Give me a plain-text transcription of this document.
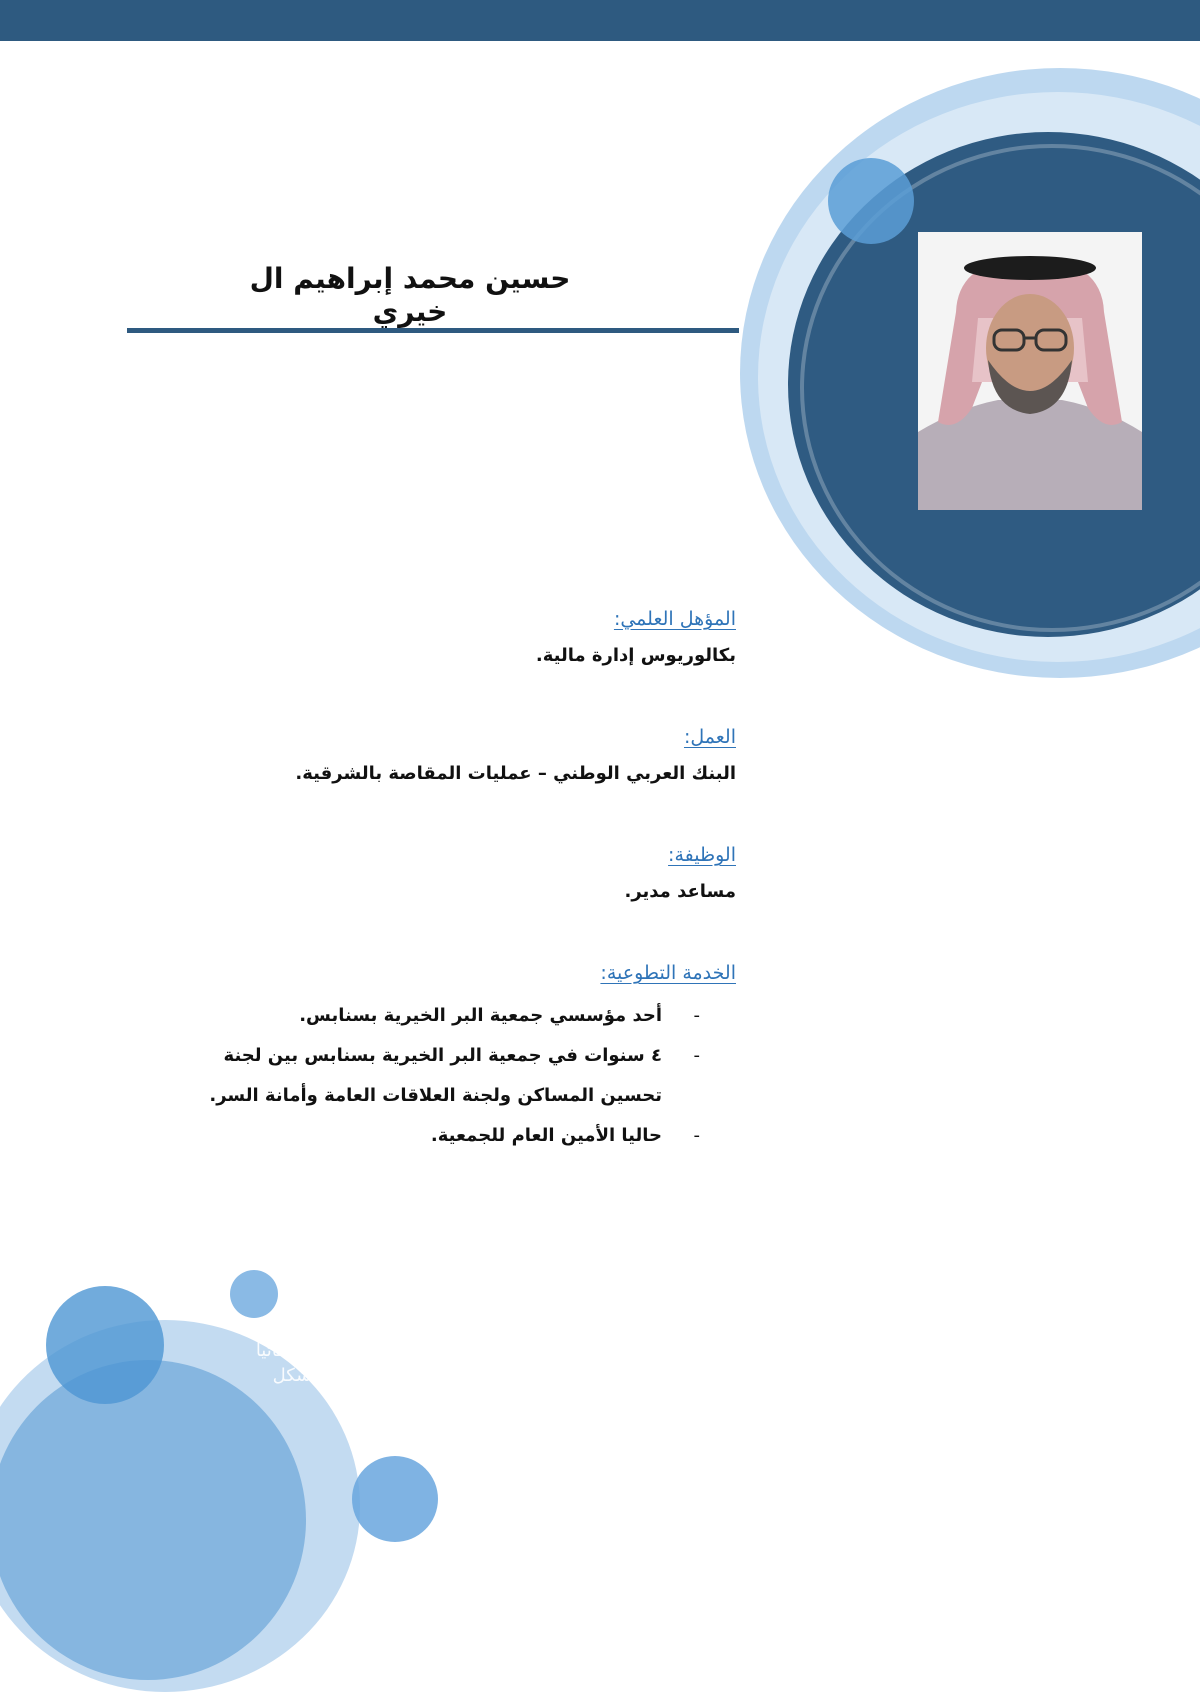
حسين محمد إبراهيم ال خيري

المؤهل العلمي:

بكالوريوس إدارة مالية.

العمل:

البنك العربي الوطني – عمليات المقاصة بالشرقية.

الوظيفة:

مساعد مدير.

الخدمة التطوعية:

-
أحد مؤسسي جمعية البر الخيرية بسنابس.
-
٤ سنوات في جمعية البر الخيرية بسنابس بين لجنة تحسين المساكن ولجنة العلاقات العامة وأمانة السر.
-
حاليا الأمين العام للجمعية.
القائمة "تنسيق
أسفل "اقتصاص"
ضبط صورتك تلقائياً
بها لوضعها بشكل
